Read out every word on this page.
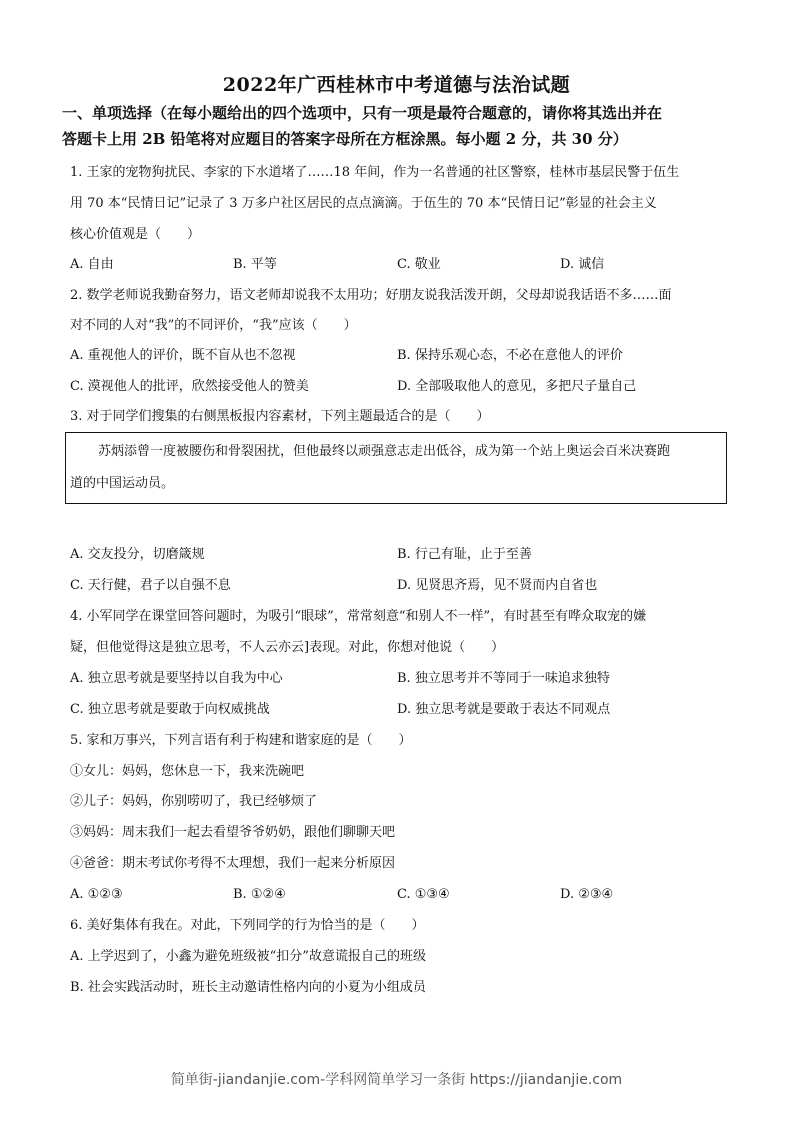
2022年广西桂林市中考道德与法治试题
一、单项选择（在每小题给出的四个选项中，只有一项是最符合题意的，请你将其选出并在
答题卡上用 2B 铅笔将对应题目的答案字母所在方框涂黑。每小题 2 分，共 30 分）
1. 王家的宠物狗扰民、李家的下水道堵了……18 年间，作为一名普通的社区警察，桂林市基层民警于伍生
用 70 本“民情日记”记录了 3 万多户社区居民的点点滴滴。于伍生的 70 本“民情日记”彰显的社会主义
核心价值观是（　　）
A. 自由	B. 平等	C. 敬业	D. 诚信
2. 数学老师说我勤奋努力，语文老师却说我不太用功；好朋友说我活泼开朗，父母却说我话语不多……面
对不同的人对“我”的不同评价，“我”应该（　　）
A. 重视他人的评价，既不盲从也不忽视	B. 保持乐观心态，不必在意他人的评价
C. 漠视他人的批评，欣然接受他人的赞美	D. 全部吸取他人的意见，多把尺子量自己
3. 对于同学们搜集的右侧黑板报内容素材，下列主题最适合的是（　　）
苏炳添曾一度被腰伤和骨裂困扰，但他最终以顽强意志走出低谷，成为第一个站上奥运会百米决赛跑
道的中国运动员。
A. 交友投分，切磨箴规	B. 行己有耻，止于至善
C. 天行健，君子以自强不息	D. 见贤思齐焉，见不贤而内自省也
4. 小军同学在课堂回答问题时，为吸引“眼球”，常常刻意“和别人不一样”，有时甚至有哗众取宠的嫌
疑，但他觉得这是独立思考，不人云亦云]表现。对此，你想对他说（　　）
A. 独立思考就是要坚持以自我为中心	B. 独立思考并不等同于一味追求独特
C. 独立思考就是要敢于向权威挑战	D. 独立思考就是要敢于表达不同观点
5. 家和万事兴，下列言语有利于构建和谐家庭的是（　　）
①女儿：妈妈，您休息一下，我来洗碗吧
②儿子：妈妈，你别唠叨了，我已经够烦了
③妈妈：周末我们一起去看望爷爷奶奶，跟他们聊聊天吧
④爸爸：期末考试你考得不太理想，我们一起来分析原因
A. ①②③	B. ①②④	C. ①③④	D. ②③④
6. 美好集体有我在。对此，下列同学的行为恰当的是（　　）
A. 上学迟到了，小鑫为避免班级被“扣分”故意谎报自己的班级
B. 社会实践活动时，班长主动邀请性格内向的小夏为小组成员
简单街-jiandanjie.com-学科网简单学习一条街 https://jiandanjie.com
